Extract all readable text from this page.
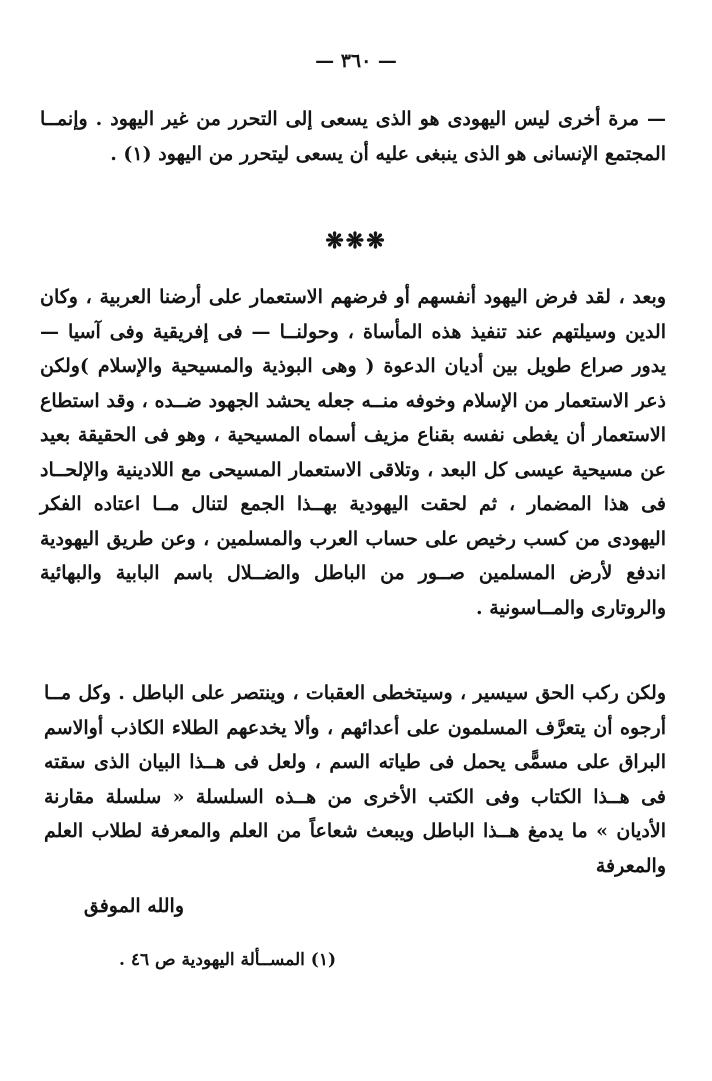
— ٣٦٠ —

— مرة أخرى ليس اليهودى هو الذى يسعى إلى التحرر من غير اليهود . وإنمــا المجتمع الإنسانى هو الذى ينبغى عليه أن يسعى ليتحرر من اليهود (١) .

❋❋❋

وبعد ، لقد فرض اليهود أنفسهم أو فرضهم الاستعمار على أرضنا العربية ، وكان الدين وسيلتهم عند تنفيذ هذه المأساة ، وحولنــا — فى إفريقية وفى آسيا — يدور صراع طويل بين أديان الدعوة ( وهى البوذية والمسيحية والإسلام )ولكن ذعر الاستعمار من الإسلام وخوفه منــه جعله يحشد الجهود ضــده ، وقد استطاع الاستعمار أن يغطى نفسه بقناع مزيف أسماه المسيحية ، وهو فى الحقيقة بعيد عن مسيحية عيسى كل البعد ، وتلاقى الاستعمار المسيحى مع اللادينية والإلحــاد فى هذا المضمار ، ثم لحقت اليهودية بهــذا الجمع لتنال مــا اعتاده الفكر اليهودى من كسب رخيص على حساب العرب والمسلمين ، وعن طريق اليهودية اندفع لأرض المسلمين صــور من الباطل والضــلال باسم البابية والبهائية والروتارى والمــاسونية .

ولكن ركب الحق سيسير ، وسيتخطى العقبات ، وينتصر على الباطل . وكل مــا أرجوه أن يتعرَّف المسلمون على أعدائهم ، وألا يخدعهم الطلاء الكاذب أوالاسم البراق على مسمًّى يحمل فى طياته السم ، ولعل فى هــذا البيان الذى سقته فى هــذا الكتاب وفى الكتب الأخرى من هــذه السلسلة « سلسلة مقارنة الأديان » ما يدمغ هــذا الباطل ويبعث شعاعاً من العلم والمعرفة لطلاب العلم والمعرفة

والله الموفق
(١) المســألة اليهودية ص ٤٦ .
